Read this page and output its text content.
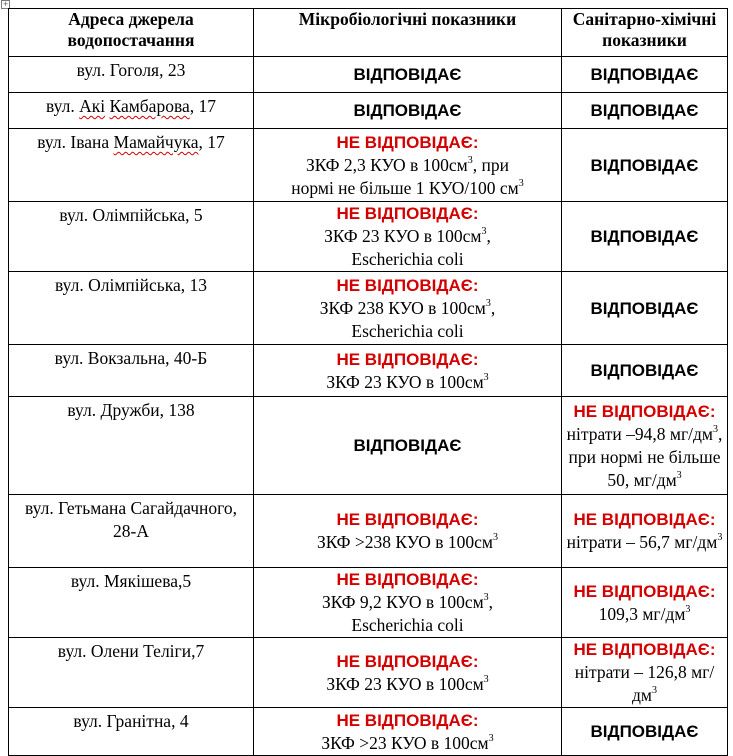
+
Адреса джерела водопостачання	Мікробіологічні показники	Санітарно-хімічні показники
вул. Гоголя, 23	ВІДПОВІДАЄ	ВІДПОВІДАЄ
вул. Акі Камбарова, 17	ВІДПОВІДАЄ	ВІДПОВІДАЄ
вул. Івана Мамайчука, 17	НЕ ВІДПОВІДАЄ:
ЗКФ 2,3 КУО в $100см^3$, при
нормі не більше 1 КУО/100 $см^3$	ВІДПОВІДАЄ
вул. Олімпійська, 5	НЕ ВІДПОВІДАЄ:
ЗКФ 23 КУО в $100см^3$,
Escherichia coli	ВІДПОВІДАЄ
вул. Олімпійська, 13	НЕ ВІДПОВІДАЄ:
ЗКФ 238 КУО в $100см^3$,
Escherichia coli	ВІДПОВІДАЄ
вул. Вокзальна, 40-Б	НЕ ВІДПОВІДАЄ:
ЗКФ 23 КУО в $100см^3$	ВІДПОВІДАЄ
вул. Дружби, 138	ВІДПОВІДАЄ	НЕ ВІДПОВІДАЄ:
нітрати –94,8 $мг/дм^3$,
при нормі не більше
50, $мг/дм^3$

вул. Гетьмана Сагайдачного, 28-А	НЕ ВІДПОВІДАЄ:
ЗКФ >238 КУО в $100см^3$	НЕ ВІДПОВІДАЄ:
нітрати – 56,7 $мг/дм^3$

вул. Мякішева,5	НЕ ВІДПОВІДАЄ:
ЗКФ 9,2 КУО в $100см^3$,
Escherichia coli	НЕ ВІДПОВІДАЄ:
109,3 $мг/дм^3$

вул. Олени Теліги,7	НЕ ВІДПОВІДАЄ:
ЗКФ 23 КУО в $100см^3$	НЕ ВІДПОВІДАЄ:
нітрати – 126,8 $мг/дм^3$

вул. Гранітна, 4	НЕ ВІДПОВІДАЄ:
ЗКФ >23 КУО в $100см^3$	ВІДПОВІДАЄ
